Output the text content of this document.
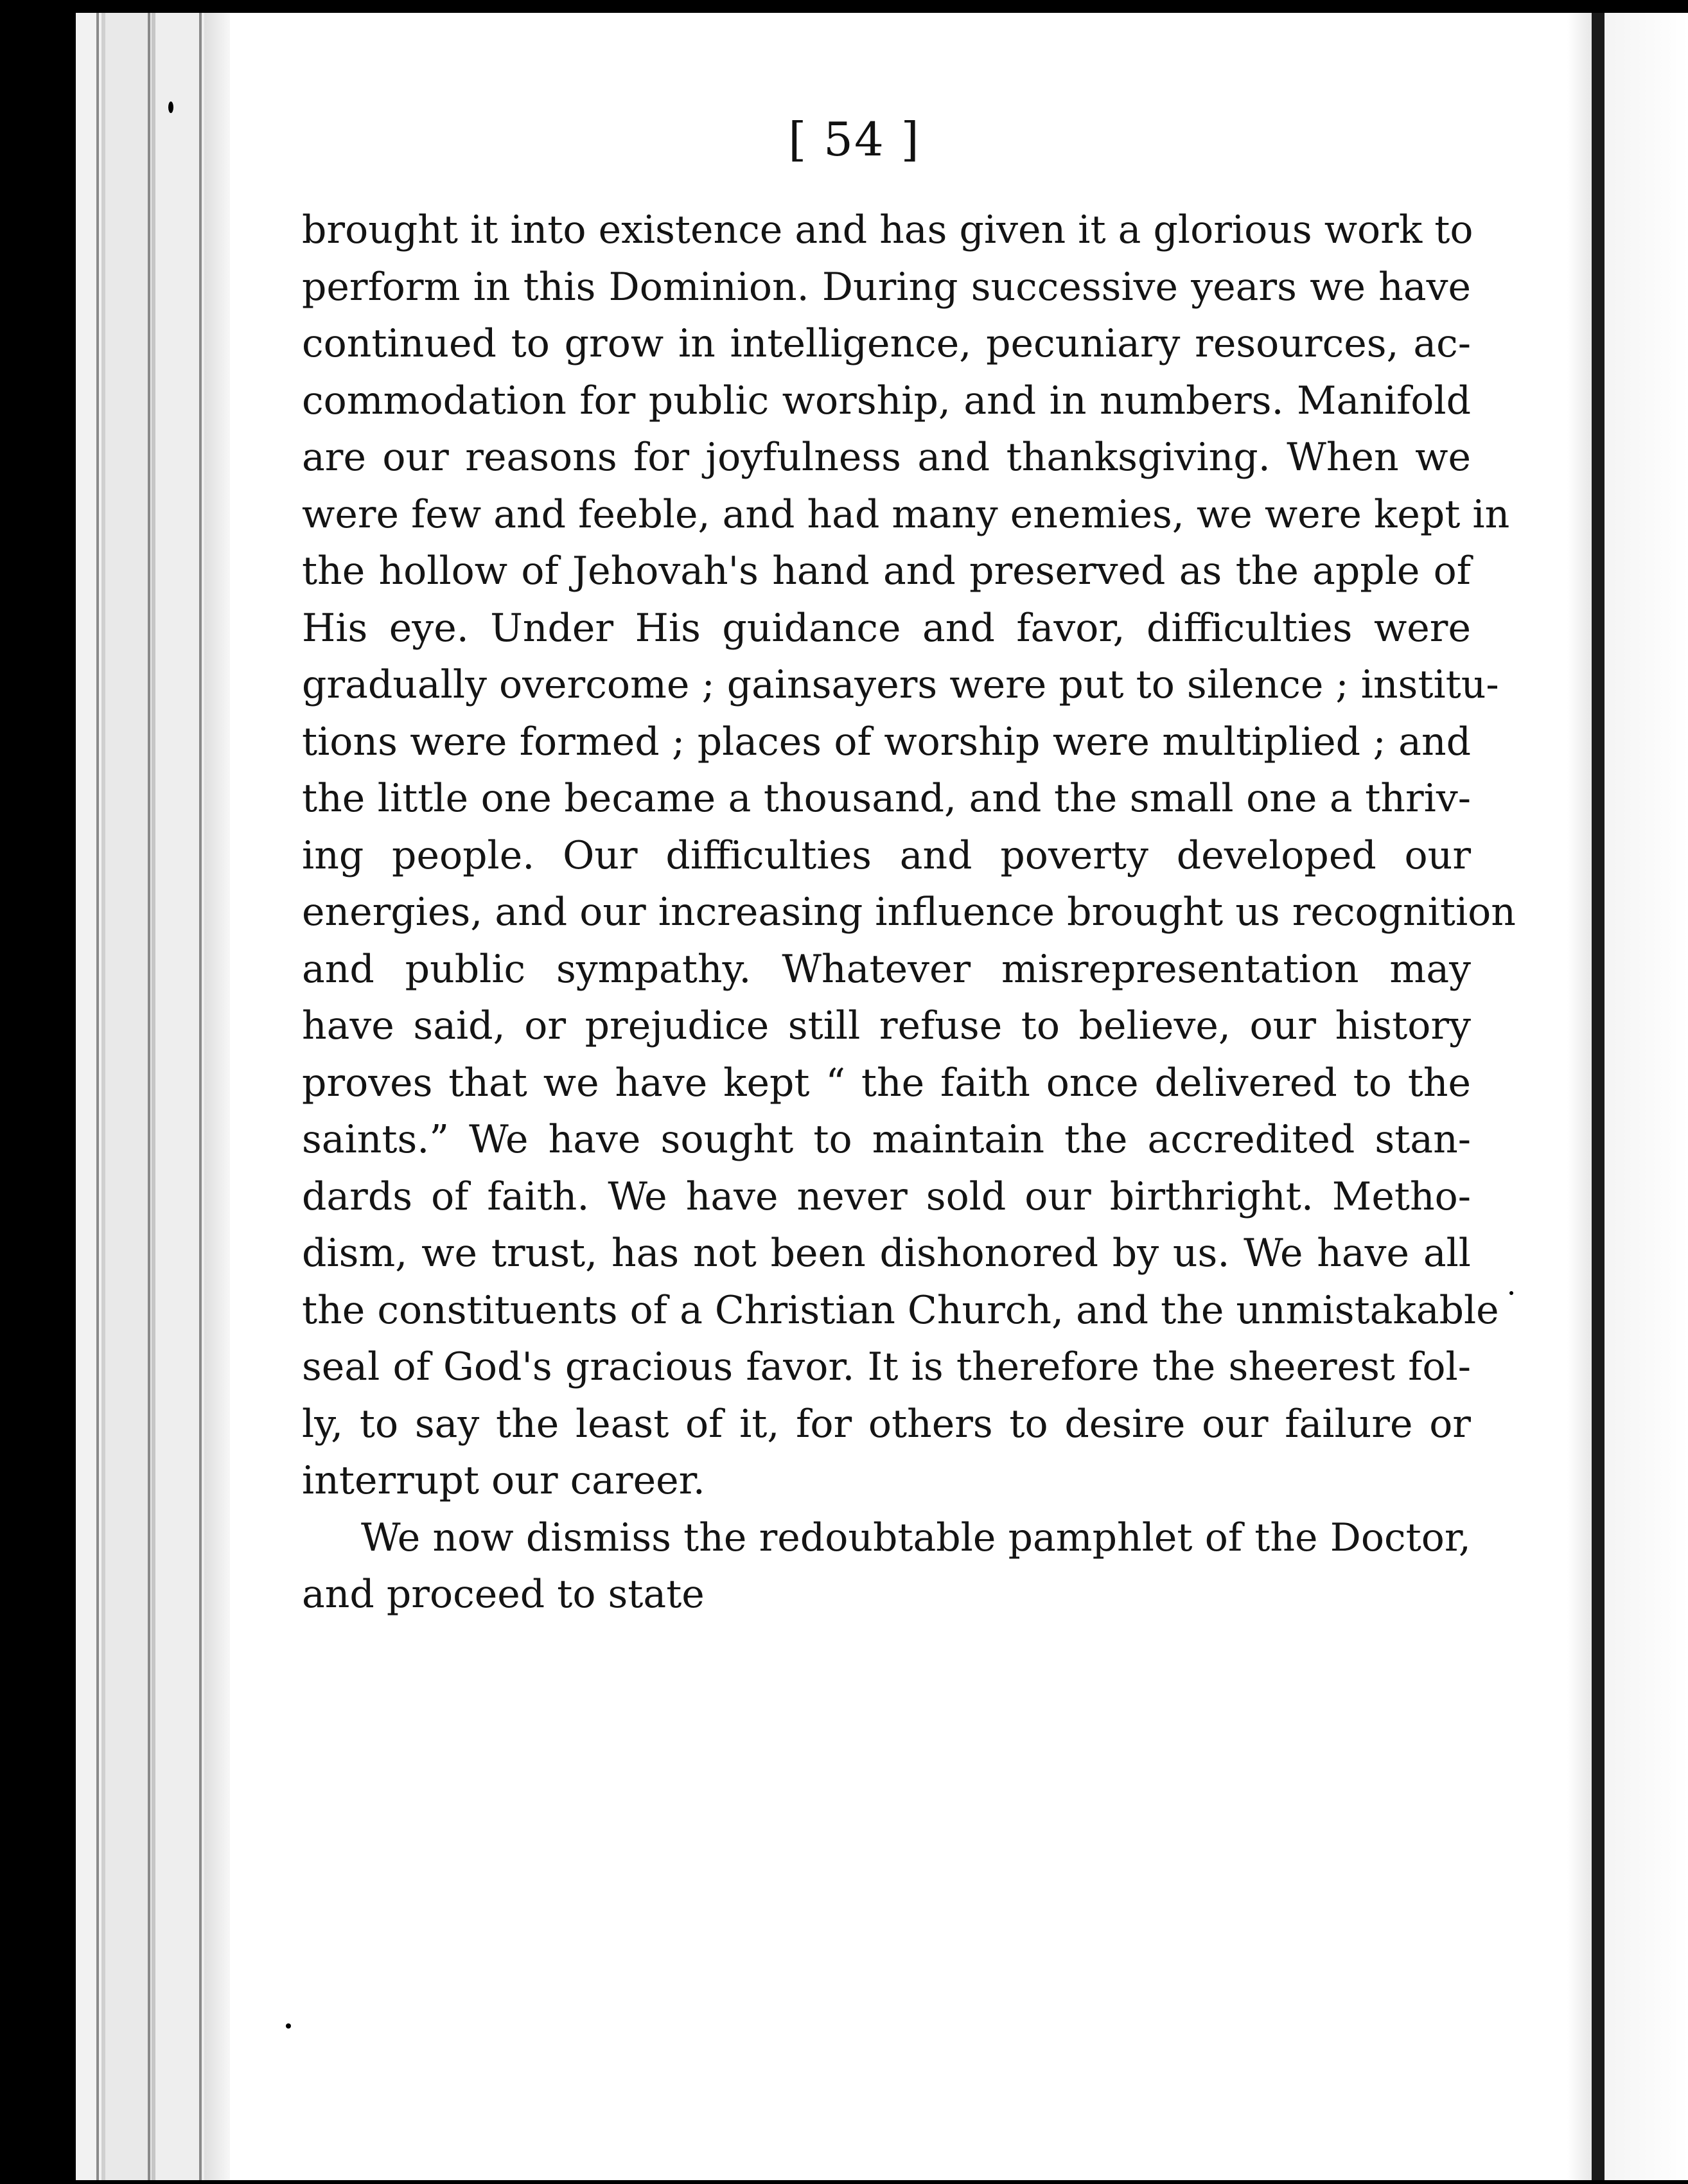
[ 54 ]
brought it into existence and has given it a glorious work to
perform in this Dominion. During successive years we have
continued to grow in intelligence, pecuniary resources, ac-
commodation for public worship, and in numbers. Manifold
are our reasons for joyfulness and thanksgiving. When we
were few and feeble, and had many enemies, we were kept in
the hollow of Jehovah's hand and preserved as the apple of
His eye. Under His guidance and favor, difficulties were
gradually overcome ; gainsayers were put to silence ; institu-
tions were formed ; places of worship were multiplied ; and
the little one became a thousand, and the small one a thriv-
ing people. Our difficulties and poverty developed our
energies, and our increasing influence brought us recognition
and public sympathy. Whatever misrepresentation may
have said, or prejudice still refuse to believe, our history
proves that we have kept “ the faith once delivered to the
saints.” We have sought to maintain the accredited stan-
dards of faith. We have never sold our birthright. Metho-
dism, we trust, has not been dishonored by us. We have all
the constituents of a Christian Church, and the unmistakable
seal of God's gracious favor. It is therefore the sheerest fol-
ly, to say the least of it, for others to desire our failure or
interrupt our career.
We now dismiss the redoubtable pamphlet of the Doctor,
and proceed to state
